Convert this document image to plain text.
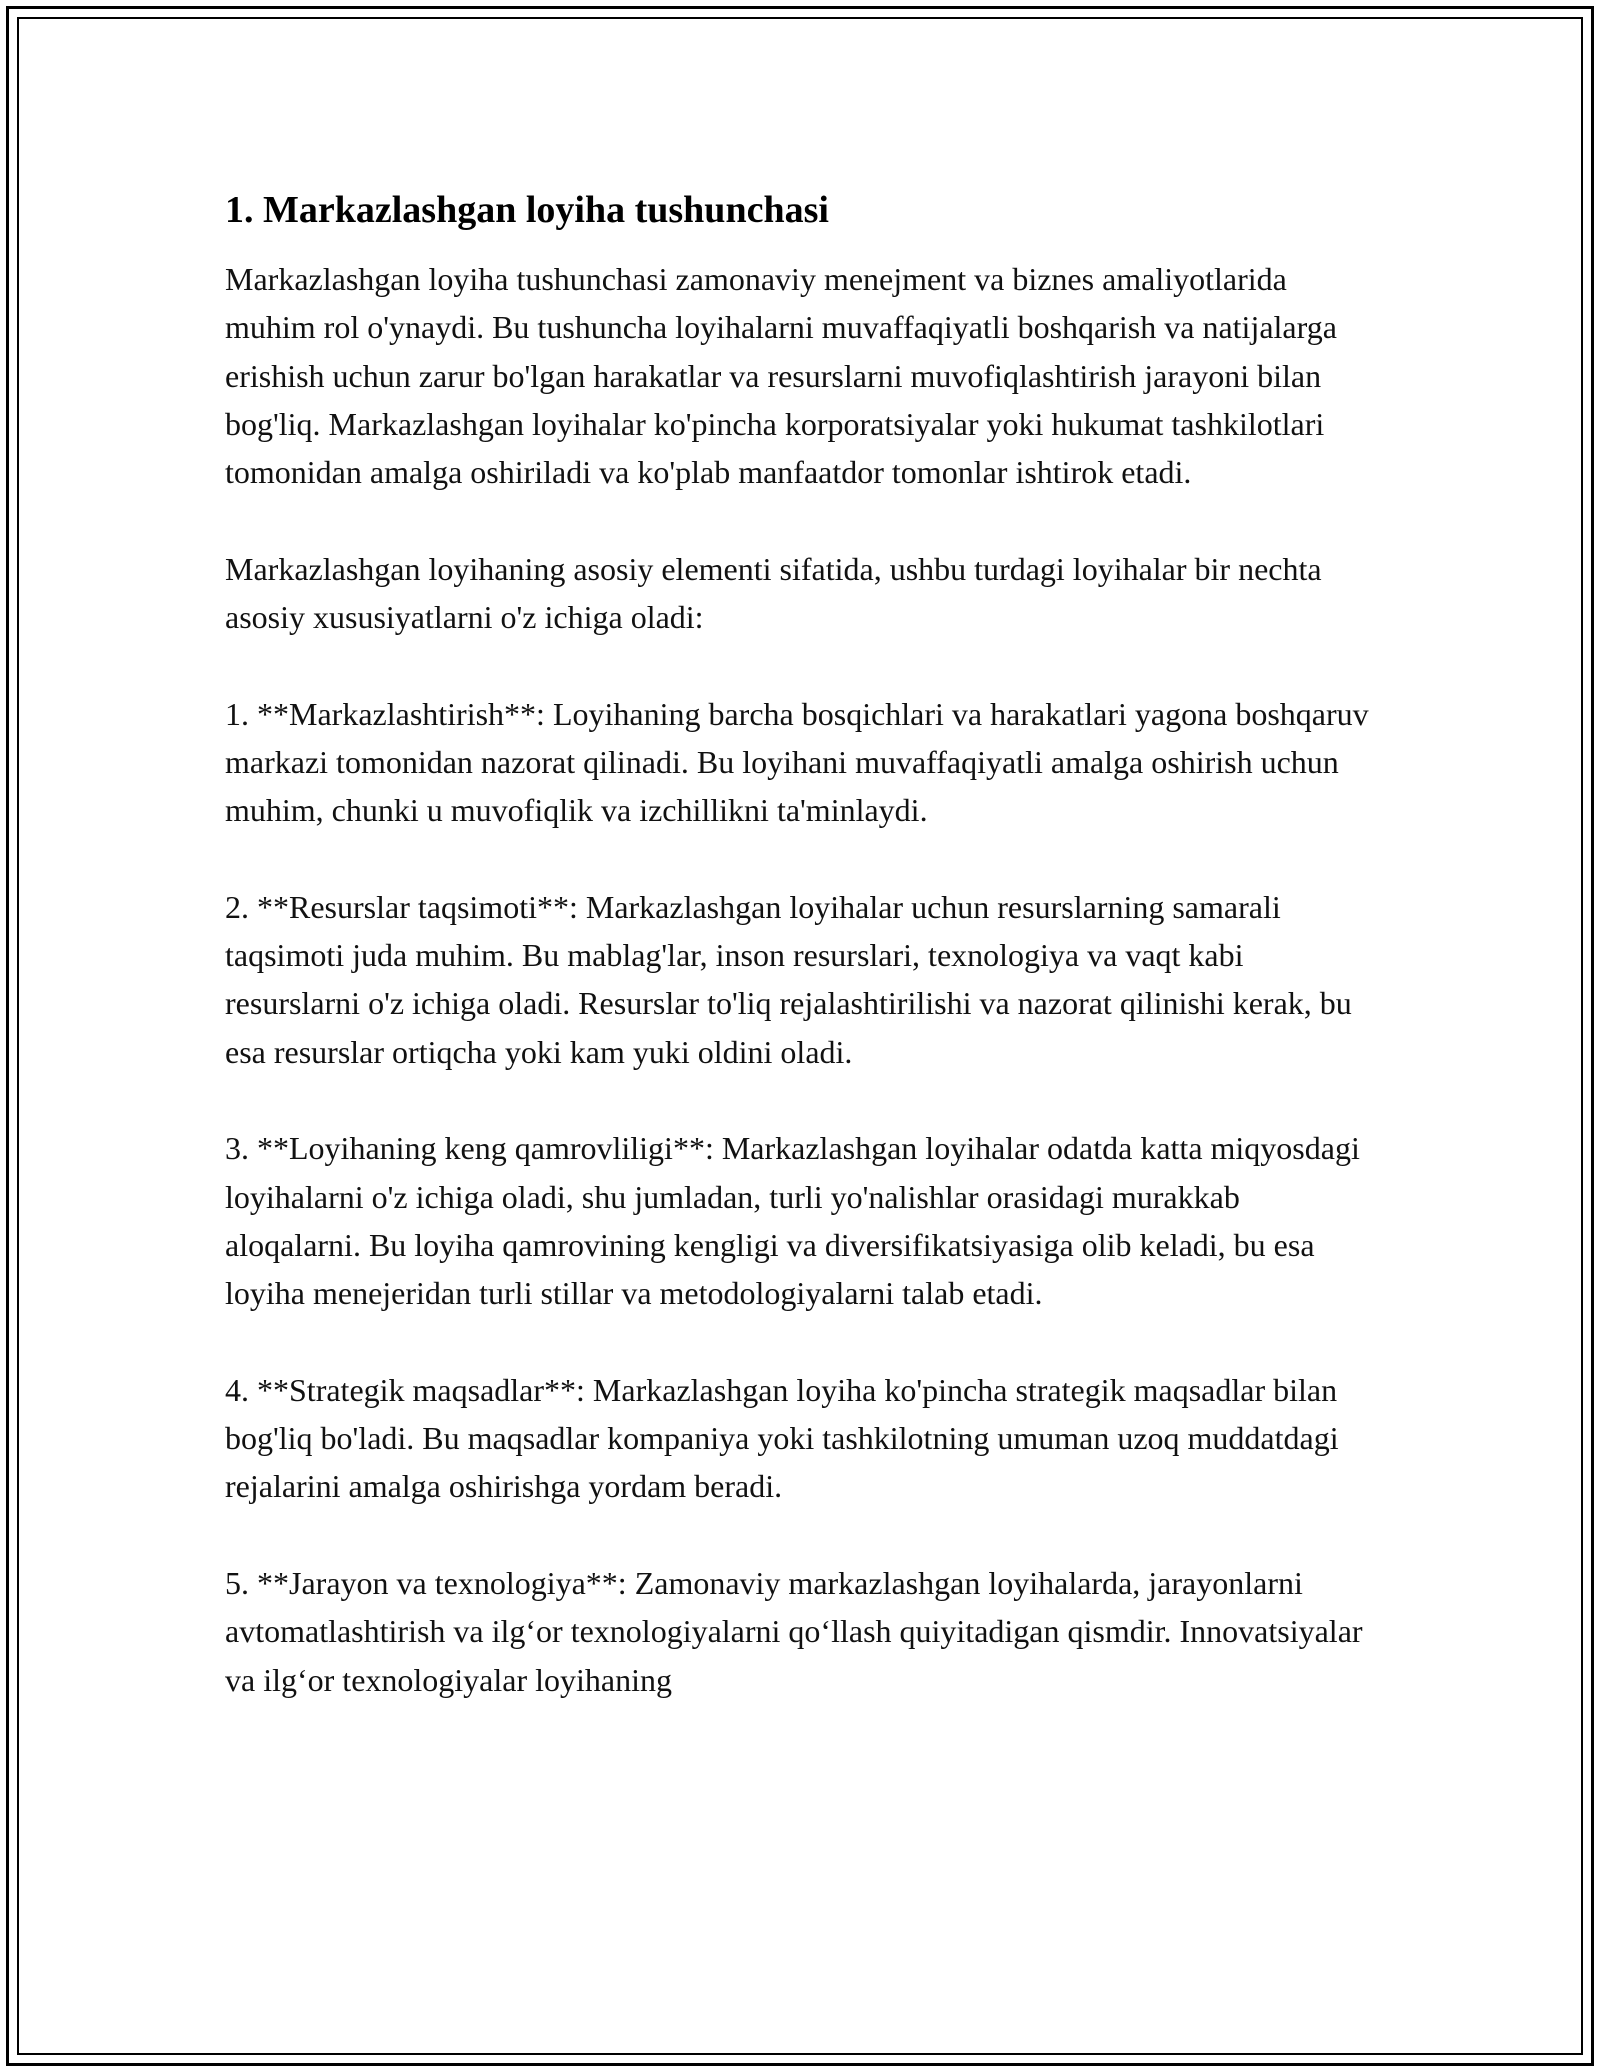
1. Markazlashgan loyiha tushunchasi

Markazlashgan loyiha tushunchasi zamonaviy menejment va biznes amaliyotlarida muhim rol o'ynaydi. Bu tushuncha loyihalarni muvaffaqiyatli boshqarish va natijalarga erishish uchun zarur bo'lgan harakatlar va resurslarni muvofiqlashtirish jarayoni bilan bog'liq. Markazlashgan loyihalar ko'pincha korporatsiyalar yoki hukumat tashkilotlari tomonidan amalga oshiriladi va ko'plab manfaatdor tomonlar ishtirok etadi.

Markazlashgan loyihaning asosiy elementi sifatida, ushbu turdagi loyihalar bir nechta asosiy xususiyatlarni o'z ichiga oladi:

1. **Markazlashtirish**: Loyihaning barcha bosqichlari va harakatlari yagona boshqaruv markazi tomonidan nazorat qilinadi. Bu loyihani muvaffaqiyatli amalga oshirish uchun muhim, chunki u muvofiqlik va izchillikni ta'minlaydi.

2. **Resurslar taqsimoti**: Markazlashgan loyihalar uchun resurslarning samarali taqsimoti juda muhim. Bu mablag'lar, inson resurslari, texnologiya va vaqt kabi resurslarni o'z ichiga oladi. Resurslar to'liq rejalashtirilishi va nazorat qilinishi kerak, bu esa resurslar ortiqcha yoki kam yuki oldini oladi.

3. **Loyihaning keng qamrovliligi**: Markazlashgan loyihalar odatda katta miqyosdagi loyihalarni o'z ichiga oladi, shu jumladan, turli yo'nalishlar orasidagi murakkab aloqalarni. Bu loyiha qamrovining kengligi va diversifikatsiyasiga olib keladi, bu esa loyiha menejeridan turli stillar va metodologiyalarni talab etadi.

4. **Strategik maqsadlar**: Markazlashgan loyiha ko'pincha strategik maqsadlar bilan bog'liq bo'ladi. Bu maqsadlar kompaniya yoki tashkilotning umuman uzoq muddatdagi rejalarini amalga oshirishga yordam beradi.

5. **Jarayon va texnologiya**: Zamonaviy markazlashgan loyihalarda, jarayonlarni avtomatlashtirish va ilg‘or texnologiyalarni qo‘llash quiyitadigan qismdir. Innovatsiyalar va ilg‘or texnologiyalar loyihaning
